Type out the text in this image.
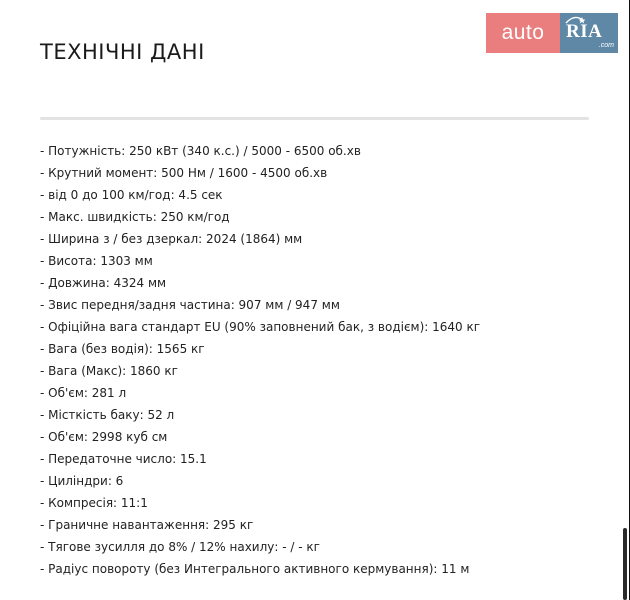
auto	RIA
.com
ТЕХНІЧНІ ДАНІ
- Потужність: 250 кВт (340 к.с.) / 5000 - 6500 об.хв
- Крутний момент: 500 Нм / 1600 - 4500 об.хв
- від 0 до 100 км/год: 4.5 сек
- Макс. швидкість: 250 км/год
- Ширина з / без дзеркал: 2024 (1864) мм
- Висота: 1303 мм
- Довжина: 4324 мм
- Звис передня/задня частина: 907 мм / 947 мм
- Офіційна вага стандарт EU (90% заповнений бак, з водієм): 1640 кг
- Вага (без водія): 1565 кг
- Вага (Макс): 1860 кг
- Об'єм: 281 л
- Місткість баку: 52 л
- Об'єм: 2998 куб см
- Передаточне число: 15.1
- Циліндри: 6
- Компресія: 11:1
- Граничне навантаження: 295 кг
- Тягове зусилля до 8% / 12% нахилу: - / - кг
- Радіус повороту (без Интегрального активного кермування): 11 м
